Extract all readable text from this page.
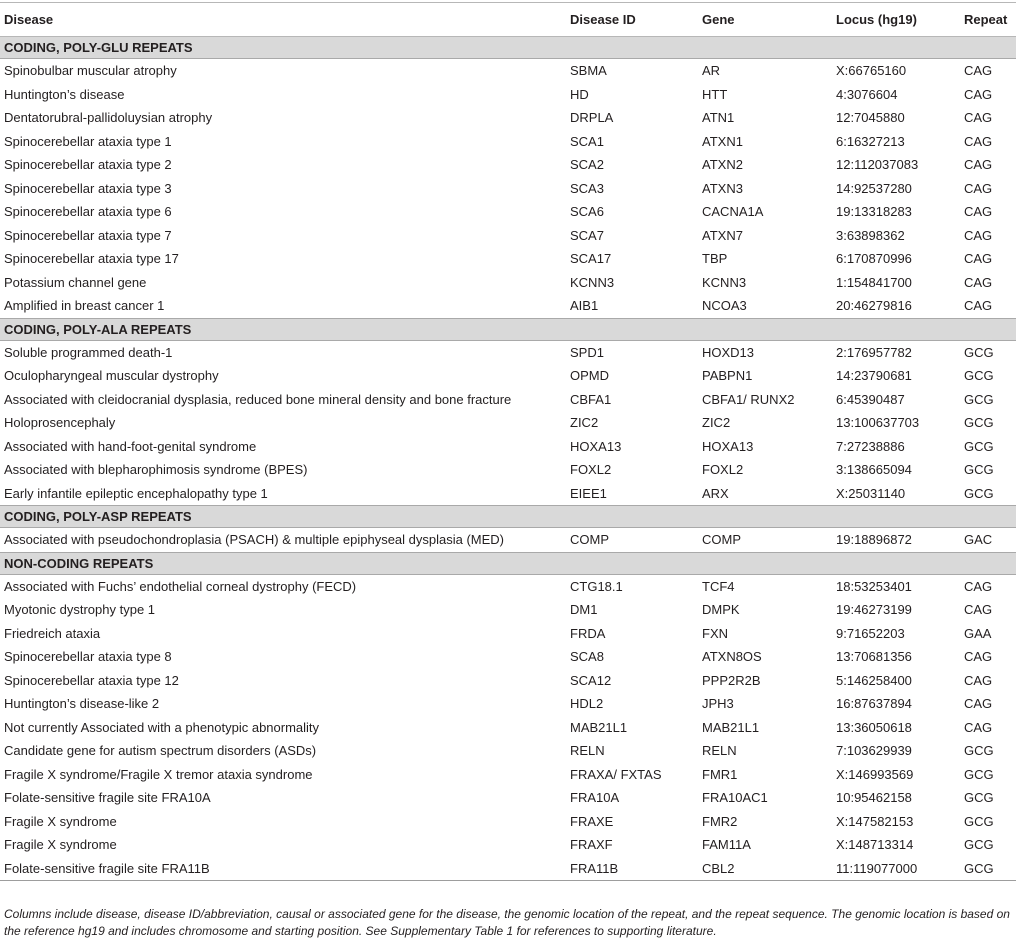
Disease	Disease ID	Gene	Locus (hg19)	Repeat
CODING, POLY-GLU REPEATS				
Spinobulbar muscular atrophy	SBMA	AR	X:66765160	CAG
Huntington’s disease	HD	HTT	4:3076604	CAG
Dentatorubral-pallidoluysian atrophy	DRPLA	ATN1	12:7045880	CAG
Spinocerebellar ataxia type 1	SCA1	ATXN1	6:16327213	CAG
Spinocerebellar ataxia type 2	SCA2	ATXN2	12:112037083	CAG
Spinocerebellar ataxia type 3	SCA3	ATXN3	14:92537280	CAG
Spinocerebellar ataxia type 6	SCA6	CACNA1A	19:13318283	CAG
Spinocerebellar ataxia type 7	SCA7	ATXN7	3:63898362	CAG
Spinocerebellar ataxia type 17	SCA17	TBP	6:170870996	CAG
Potassium channel gene	KCNN3	KCNN3	1:154841700	CAG
Amplified in breast cancer 1	AIB1	NCOA3	20:46279816	CAG
CODING, POLY-ALA REPEATS				
Soluble programmed death-1	SPD1	HOXD13	2:176957782	GCG
Oculopharyngeal muscular dystrophy	OPMD	PABPN1	14:23790681	GCG
Associated with cleidocranial dysplasia, reduced bone mineral density and bone fracture	CBFA1	CBFA1/ RUNX2	6:45390487	GCG
Holoprosencephaly	ZIC2	ZIC2	13:100637703	GCG
Associated with hand-foot-genital syndrome	HOXA13	HOXA13	7:27238886	GCG
Associated with blepharophimosis syndrome (BPES)	FOXL2	FOXL2	3:138665094	GCG
Early infantile epileptic encephalopathy type 1	EIEE1	ARX	X:25031140	GCG
CODING, POLY-ASP REPEATS				
Associated with pseudochondroplasia (PSACH) & multiple epiphyseal dysplasia (MED)	COMP	COMP	19:18896872	GAC
NON-CODING REPEATS				
Associated with Fuchs’ endothelial corneal dystrophy (FECD)	CTG18.1	TCF4	18:53253401	CAG
Myotonic dystrophy type 1	DM1	DMPK	19:46273199	CAG
Friedreich ataxia	FRDA	FXN	9:71652203	GAA
Spinocerebellar ataxia type 8	SCA8	ATXN8OS	13:70681356	CAG
Spinocerebellar ataxia type 12	SCA12	PPP2R2B	5:146258400	CAG
Huntington’s disease-like 2	HDL2	JPH3	16:87637894	CAG
Not currently Associated with a phenotypic abnormality	MAB21L1	MAB21L1	13:36050618	CAG
Candidate gene for autism spectrum disorders (ASDs)	RELN	RELN	7:103629939	GCG
Fragile X syndrome/Fragile X tremor ataxia syndrome	FRAXA/ FXTAS	FMR1	X:146993569	GCG
Folate-sensitive fragile site FRA10A	FRA10A	FRA10AC1	10:95462158	GCG
Fragile X syndrome	FRAXE	FMR2	X:147582153	GCG
Fragile X syndrome	FRAXF	FAM11A	X:148713314	GCG
Folate-sensitive fragile site FRA11B	FRA11B	CBL2	11:119077000	GCG
Columns include disease, disease ID/abbreviation, causal or associated gene for the disease, the genomic location of the repeat, and the repeat sequence. The genomic location is based on the reference hg19 and includes chromosome and starting position. See Supplementary Table 1 for references to supporting literature.
